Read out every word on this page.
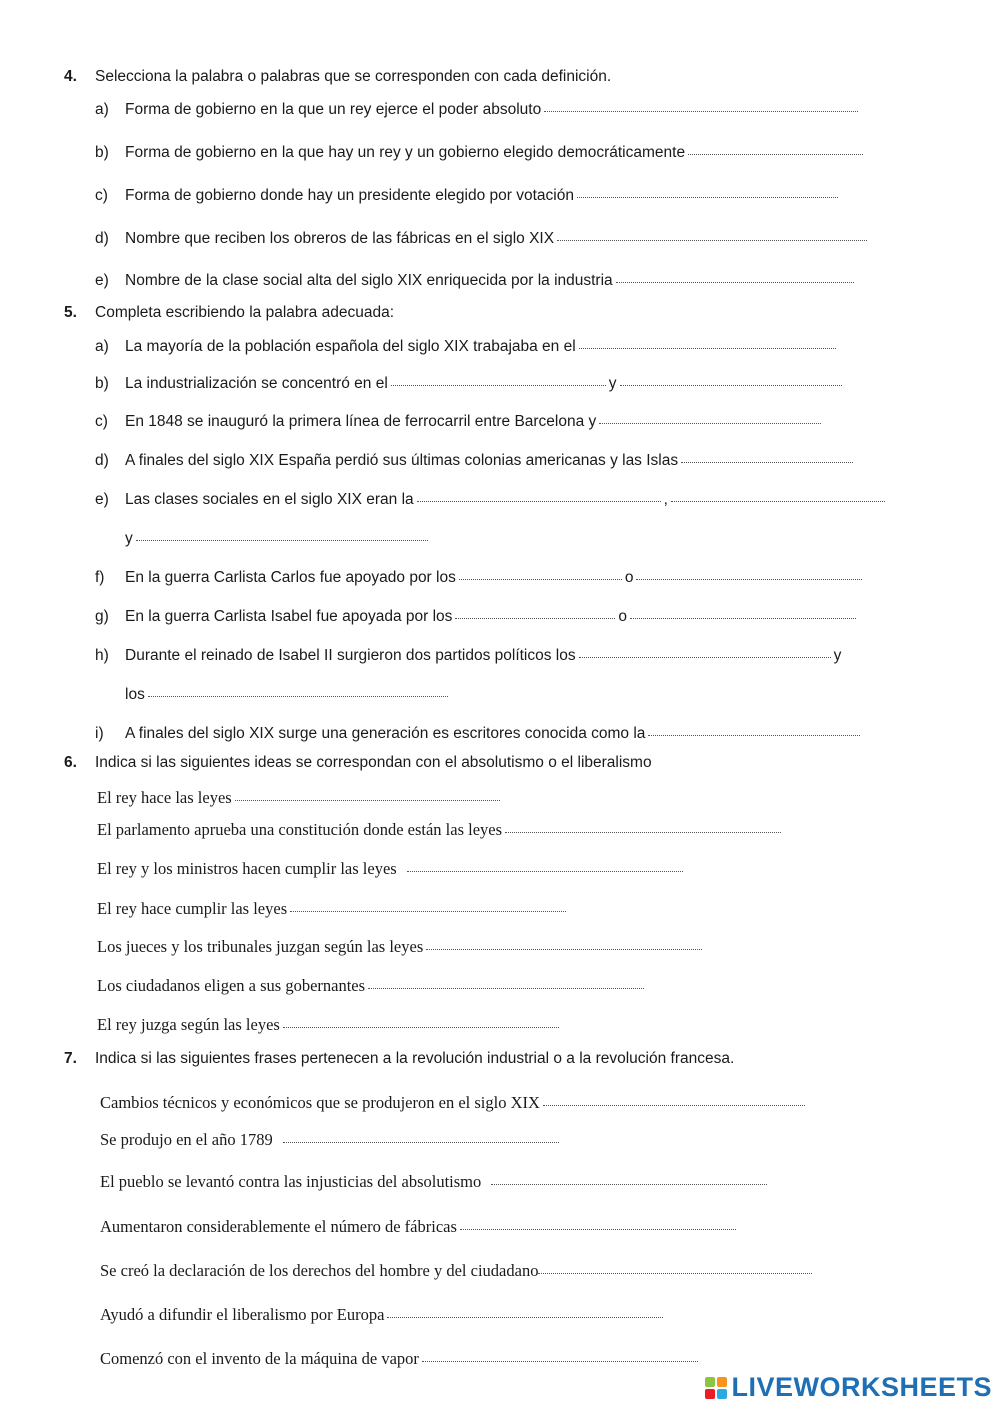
4. Selecciona la palabra o palabras que se corresponden con cada definición.
a) Forma de gobierno en la que un rey ejerce el poder absoluto
b) Forma de gobierno en la que hay un rey y un gobierno elegido democráticamente
c) Forma de gobierno donde hay un presidente elegido por votación
d) Nombre que reciben los obreros de las fábricas en el siglo XIX
e) Nombre de la clase social alta del siglo XIX enriquecida por la industria
5. Completa escribiendo la palabra adecuada:
a) La mayoría de la población española del siglo XIX trabajaba en el
b) La industrialización se concentró en el	y
c) En 1848 se inauguró la primera línea de ferrocarril entre Barcelona y
d) A finales del siglo XIX España perdió sus últimas colonias americanas y las Islas
e) Las clases sociales en el siglo XIX eran la	,
y
f) En la guerra Carlista Carlos fue apoyado por los	o
g) En la guerra Carlista Isabel fue apoyada por los	o
h) Durante el reinado de Isabel II surgieron dos partidos políticos los	y
los
i) A finales del siglo XIX surge una generación es escritores conocida como la
6. Indica si las siguientes ideas se correspondan con el absolutismo o el liberalismo
El rey hace las leyes
El parlamento aprueba una constitución donde están las leyes
El rey y los ministros hacen cumplir las leyes
El rey hace cumplir las leyes
Los jueces y los tribunales juzgan según las leyes
Los ciudadanos eligen a sus gobernantes
El rey juzga según las leyes
7. Indica si las siguientes frases pertenecen a la revolución industrial o a la revolución francesa.
Cambios técnicos y económicos que se produjeron en el siglo XIX
Se produjo en el año 1789
El pueblo se levantó contra las injusticias del absolutismo
Aumentaron considerablemente el número de fábricas
Se creó la declaración de los derechos del hombre y del ciudadano
Ayudó a difundir el liberalismo por Europa
Comenzó con el invento de la máquina de vapor
LIVEWORKSHEETS
